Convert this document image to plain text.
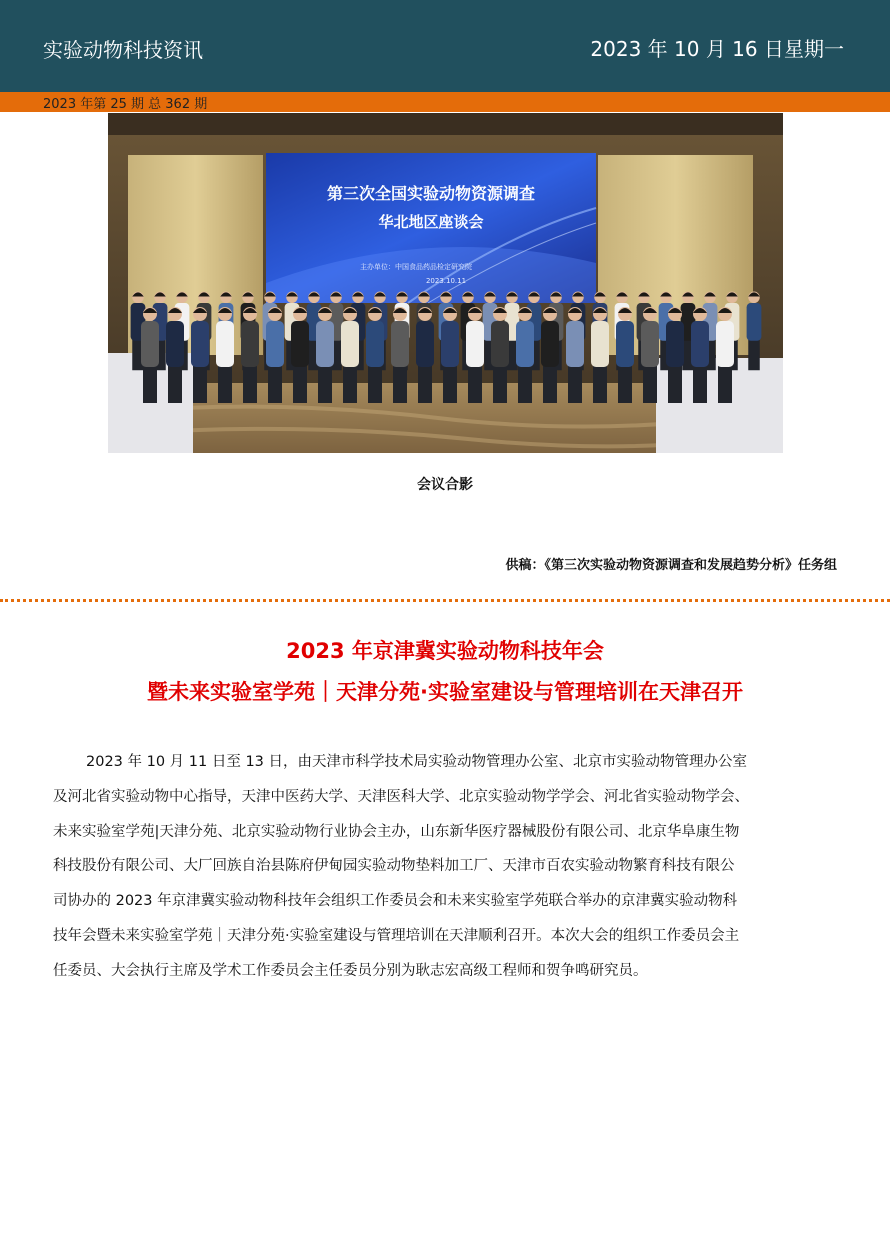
实验动物科技资讯	2023 年 10 月 16 日星期一
2023 年第 25 期 总 362 期
第三次全国实验动物资源调查
华北地区座谈会
主办单位：中国食品药品检定研究院
2023.10.11
会议合影
供稿：《第三次实验动物资源调查和发展趋势分析》任务组
2023 年京津冀实验动物科技年会
暨未来实验室学苑｜天津分苑·实验室建设与管理培训在天津召开
2023 年 10 月 11 日至 13 日，由天津市科学技术局实验动物管理办公室、北京市实验动物管理办公室
及河北省实验动物中心指导，天津中医药大学、天津医科大学、北京实验动物学学会、河北省实验动物学会、
未来实验室学苑|天津分苑、北京实验动物行业协会主办，山东新华医疗器械股份有限公司、北京华阜康生物
科技股份有限公司、大厂回族自治县陈府伊甸园实验动物垫料加工厂、天津市百农实验动物繁育科技有限公
司协办的 2023 年京津冀实验动物科技年会组织工作委员会和未来实验室学苑联合举办的京津冀实验动物科
技年会暨未来实验室学苑｜天津分苑·实验室建设与管理培训在天津顺利召开。本次大会的组织工作委员会主
任委员、大会执行主席及学术工作委员会主任委员分别为耿志宏高级工程师和贺争鸣研究员。
